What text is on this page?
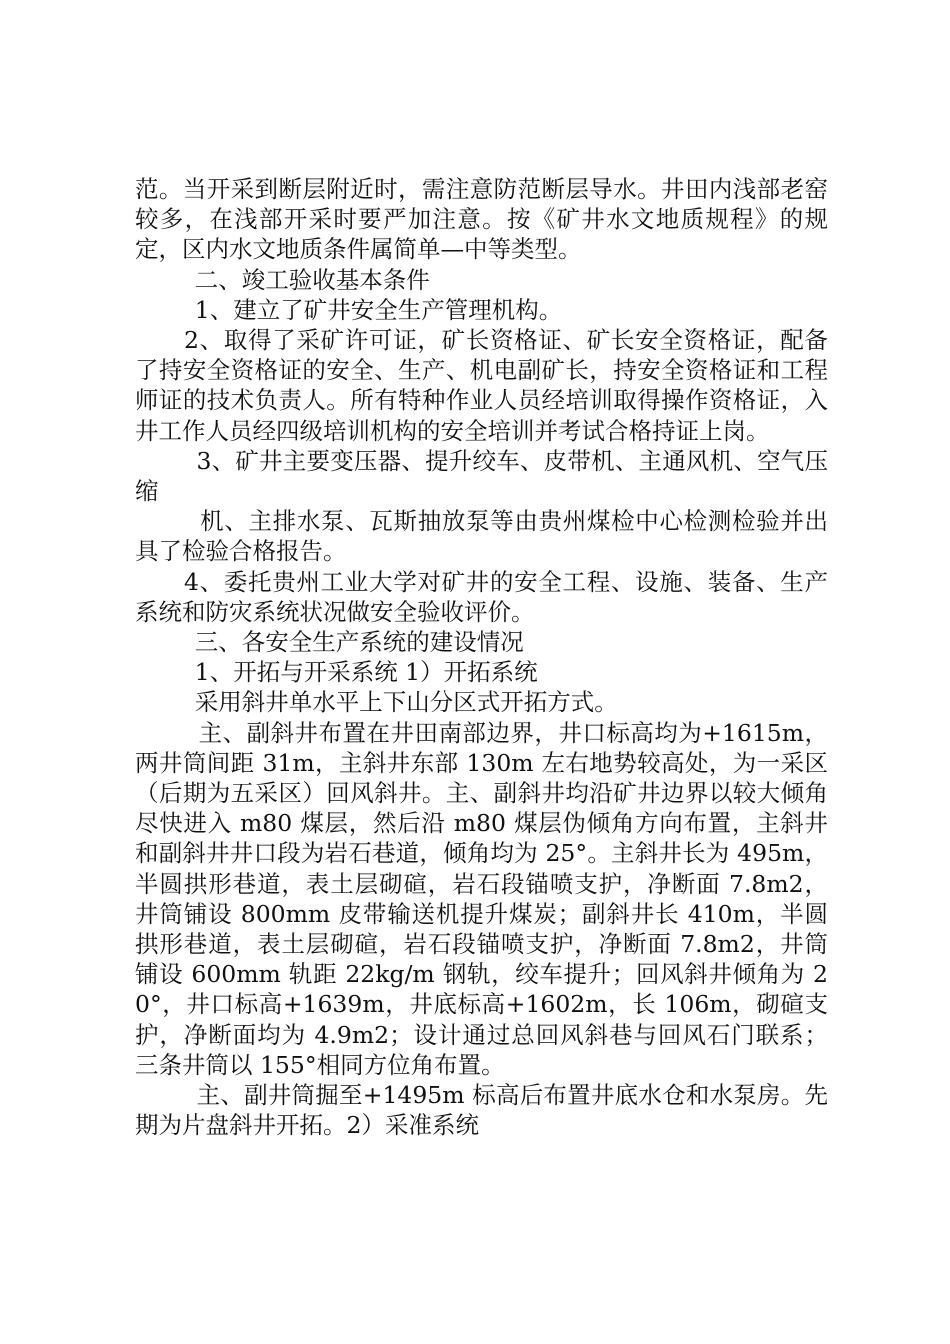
范。当开采到断层附近时，需注意防范断层导水。井田内浅部老窑较多，在浅部开采时要严加注意。按《矿井水文地质规程》的规定，区内水文地质条件属简单—中等类型。

二、竣工验收基本条件

1、建立了矿井安全生产管理机构。

2、取得了采矿许可证，矿长资格证、矿长安全资格证，配备了持安全资格证的安全、生产、机电副矿长，持安全资格证和工程师证的技术负责人。所有特种作业人员经培训取得操作资格证，入井工作人员经四级培训机构的安全培训并考试合格持证上岗。

3、矿井主要变压器、提升绞车、皮带机、主通风机、空气压缩

机、主排水泵、瓦斯抽放泵等由贵州煤检中心检测检验并出具了检验合格报告。

4、委托贵州工业大学对矿井的安全工程、设施、装备、生产系统和防灾系统状况做安全验收评价。

三、各安全生产系统的建设情况

1、开拓与开采系统 1）开拓系统

采用斜井单水平上下山分区式开拓方式。

主、副斜井布置在井田南部边界，井口标高均为+1615m，两井筒间距 31m，主斜井东部 130m 左右地势较高处，为一采区（后期为五采区）回风斜井。主、副斜井均沿矿井边界以较大倾角尽快进入 m80 煤层，然后沿 m80 煤层伪倾角方向布置，主斜井和副斜井井口段为岩石巷道，倾角均为 25°。主斜井长为 495m，半圆拱形巷道，表土层砌碹，岩石段锚喷支护，净断面 7.8m2，井筒铺设 800mm 皮带输送机提升煤炭；副斜井长 410m，半圆拱形巷道，表土层砌碹，岩石段锚喷支护，净断面 7.8m2，井筒铺设 600mm 轨距 22kg/m 钢轨，绞车提升；回风斜井倾角为 20°，井口标高+1639m，井底标高+1602m，长 106m，砌碹支护，净断面均为 4.9m2；设计通过总回风斜巷与回风石门联系；三条井筒以 155°相同方位角布置。

主、副井筒掘至+1495m 标高后布置井底水仓和水泵房。先期为片盘斜井开拓。2）采准系统
